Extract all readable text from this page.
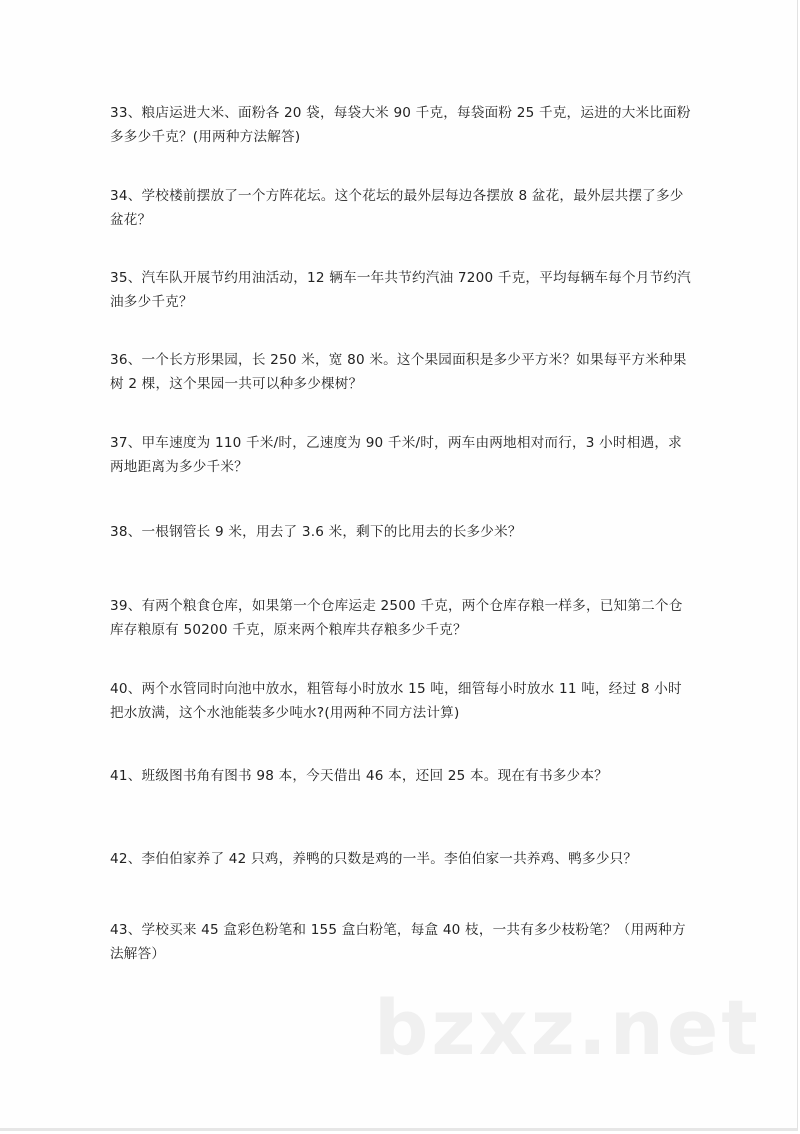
33、粮店运进大米、面粉各 20 袋，每袋大米 90 千克，每袋面粉 25 千克，运进的大米比面粉多多少千克？(用两种方法解答)
34、学校楼前摆放了一个方阵花坛。这个花坛的最外层每边各摆放 8 盆花，最外层共摆了多少盆花？
35、汽车队开展节约用油活动，12 辆车一年共节约汽油 7200 千克，平均每辆车每个月节约汽油多少千克？
36、一个长方形果园，长 250 米，宽 80 米。这个果园面积是多少平方米？如果每平方米种果树 2 棵，这个果园一共可以种多少棵树？
37、甲车速度为 110 千米/时，乙速度为 90 千米/时，两车由两地相对而行，3 小时相遇，求两地距离为多少千米？
38、一根钢管长 9 米，用去了 3.6 米，剩下的比用去的长多少米？
39、有两个粮食仓库，如果第一个仓库运走 2500 千克，两个仓库存粮一样多，已知第二个仓库存粮原有 50200 千克，原来两个粮库共存粮多少千克？
40、两个水管同时向池中放水，粗管每小时放水 15 吨，细管每小时放水 11 吨，经过 8 小时把水放满，这个水池能装多少吨水?(用两种不同方法计算)
41、班级图书角有图书 98 本，今天借出 46 本，还回 25 本。现在有书多少本？
42、李伯伯家养了 42 只鸡，养鸭的只数是鸡的一半。李伯伯家一共养鸡、鸭多少只？
43、学校买来 45 盒彩色粉笔和 155 盒白粉笔，每盒 40 枝，一共有多少枝粉笔？（用两种方法解答）
bzxz.net
